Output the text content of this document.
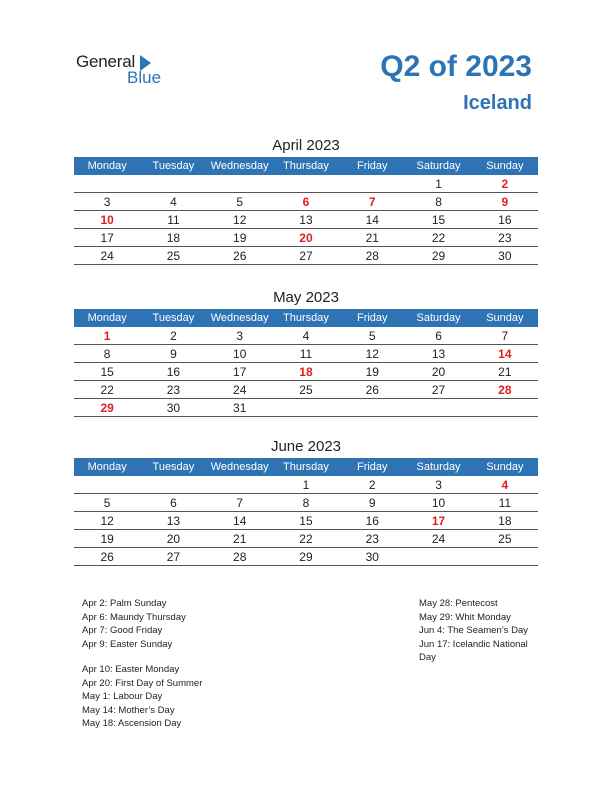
General
Blue	Q2 of 2023
Iceland
April 2023
Monday	Tuesday	Wednesday	Thursday	Friday	Saturday	Sunday
					1	2
3	4	5	6	7	8	9
10	11	12	13	14	15	16
17	18	19	20	21	22	23
24	25	26	27	28	29	30
May 2023
Monday	Tuesday	Wednesday	Thursday	Friday	Saturday	Sunday
1	2	3	4	5	6	7
8	9	10	11	12	13	14
15	16	17	18	19	20	21
22	23	24	25	26	27	28
29	30	31				
June 2023
Monday	Tuesday	Wednesday	Thursday	Friday	Saturday	Sunday
			1	2	3	4
5	6	7	8	9	10	11
12	13	14	15	16	17	18
19	20	21	22	23	24	25
26	27	28	29	30		
Apr 2: Palm Sunday
Apr 6: Maundy Thursday
Apr 7: Good Friday
Apr 9: Easter Sunday
Apr 10: Easter Monday
Apr 20: First Day of Summer
May 1: Labour Day
May 14: Mother’s Day
May 18: Ascension Day
May 28: Pentecost
May 29: Whit Monday
Jun 4: The Seamen’s Day
Jun 17: Icelandic National Day
